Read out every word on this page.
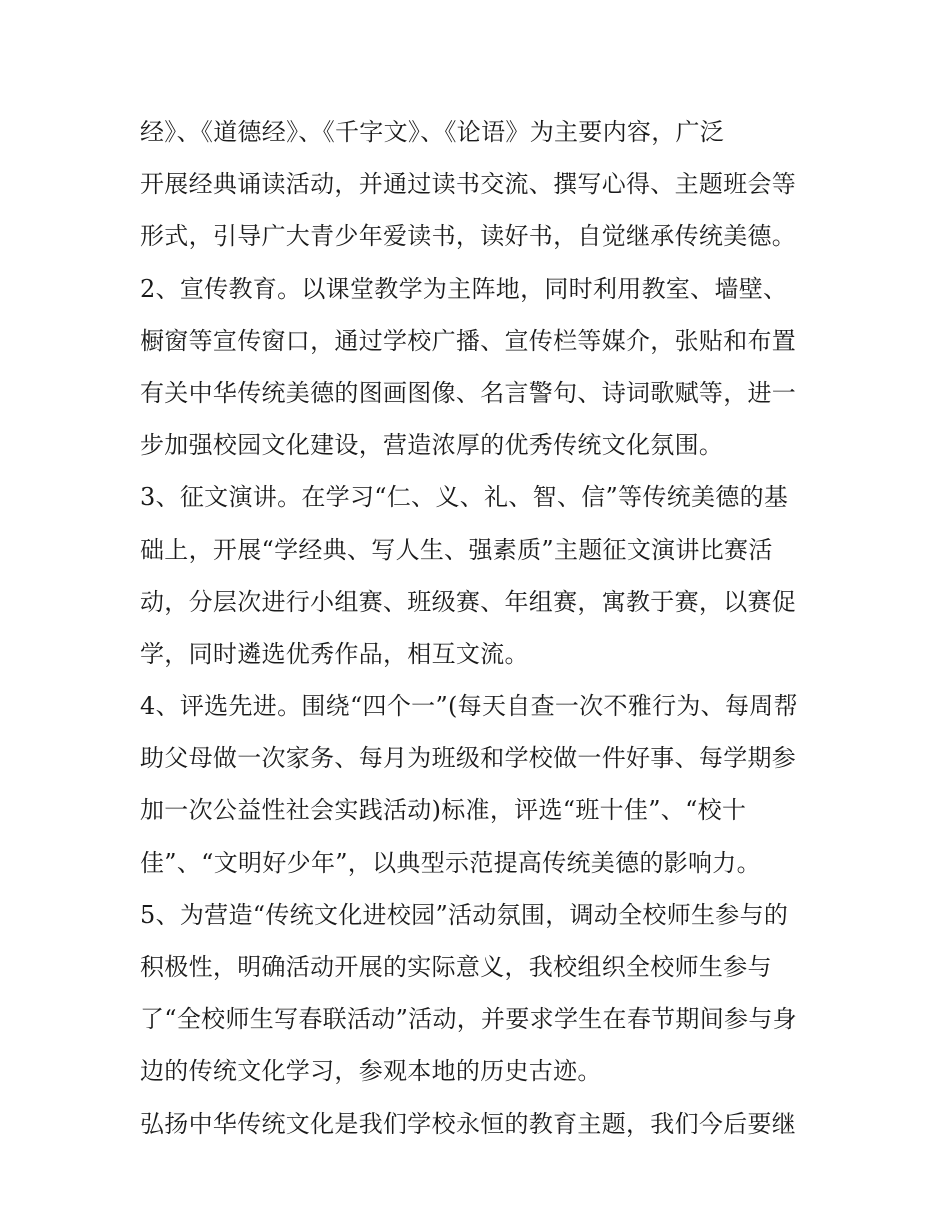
经》、《道德经》、《千字文》、《论语》为主要内容，广泛
开展经典诵读活动，并通过读书交流、撰写心得、主题班会等
形式，引导广大青少年爱读书，读好书，自觉继承传统美德。
2、宣传教育。以课堂教学为主阵地，同时利用教室、墙壁、
橱窗等宣传窗口，通过学校广播、宣传栏等媒介，张贴和布置
有关中华传统美德的图画图像、名言警句、诗词歌赋等，进一
步加强校园文化建设，营造浓厚的优秀传统文化氛围。
3、征文演讲。在学习“仁、义、礼、智、信”等传统美德的基
础上，开展“学经典、写人生、强素质”主题征文演讲比赛活
动，分层次进行小组赛、班级赛、年组赛，寓教于赛，以赛促
学，同时遴选优秀作品，相互文流。
4、评选先进。围绕“四个一”(每天自查一次不雅行为、每周帮
助父母做一次家务、每月为班级和学校做一件好事、每学期参
加一次公益性社会实践活动)标准，评选“班十佳”、“校十
佳”、“文明好少年”，以典型示范提高传统美德的影响力。
5、为营造“传统文化进校园”活动氛围，调动全校师生参与的
积极性，明确活动开展的实际意义，我校组织全校师生参与
了“全校师生写春联活动”活动，并要求学生在春节期间参与身
边的传统文化学习，参观本地的历史古迹。
弘扬中华传统文化是我们学校永恒的教育主题，我们今后要继
